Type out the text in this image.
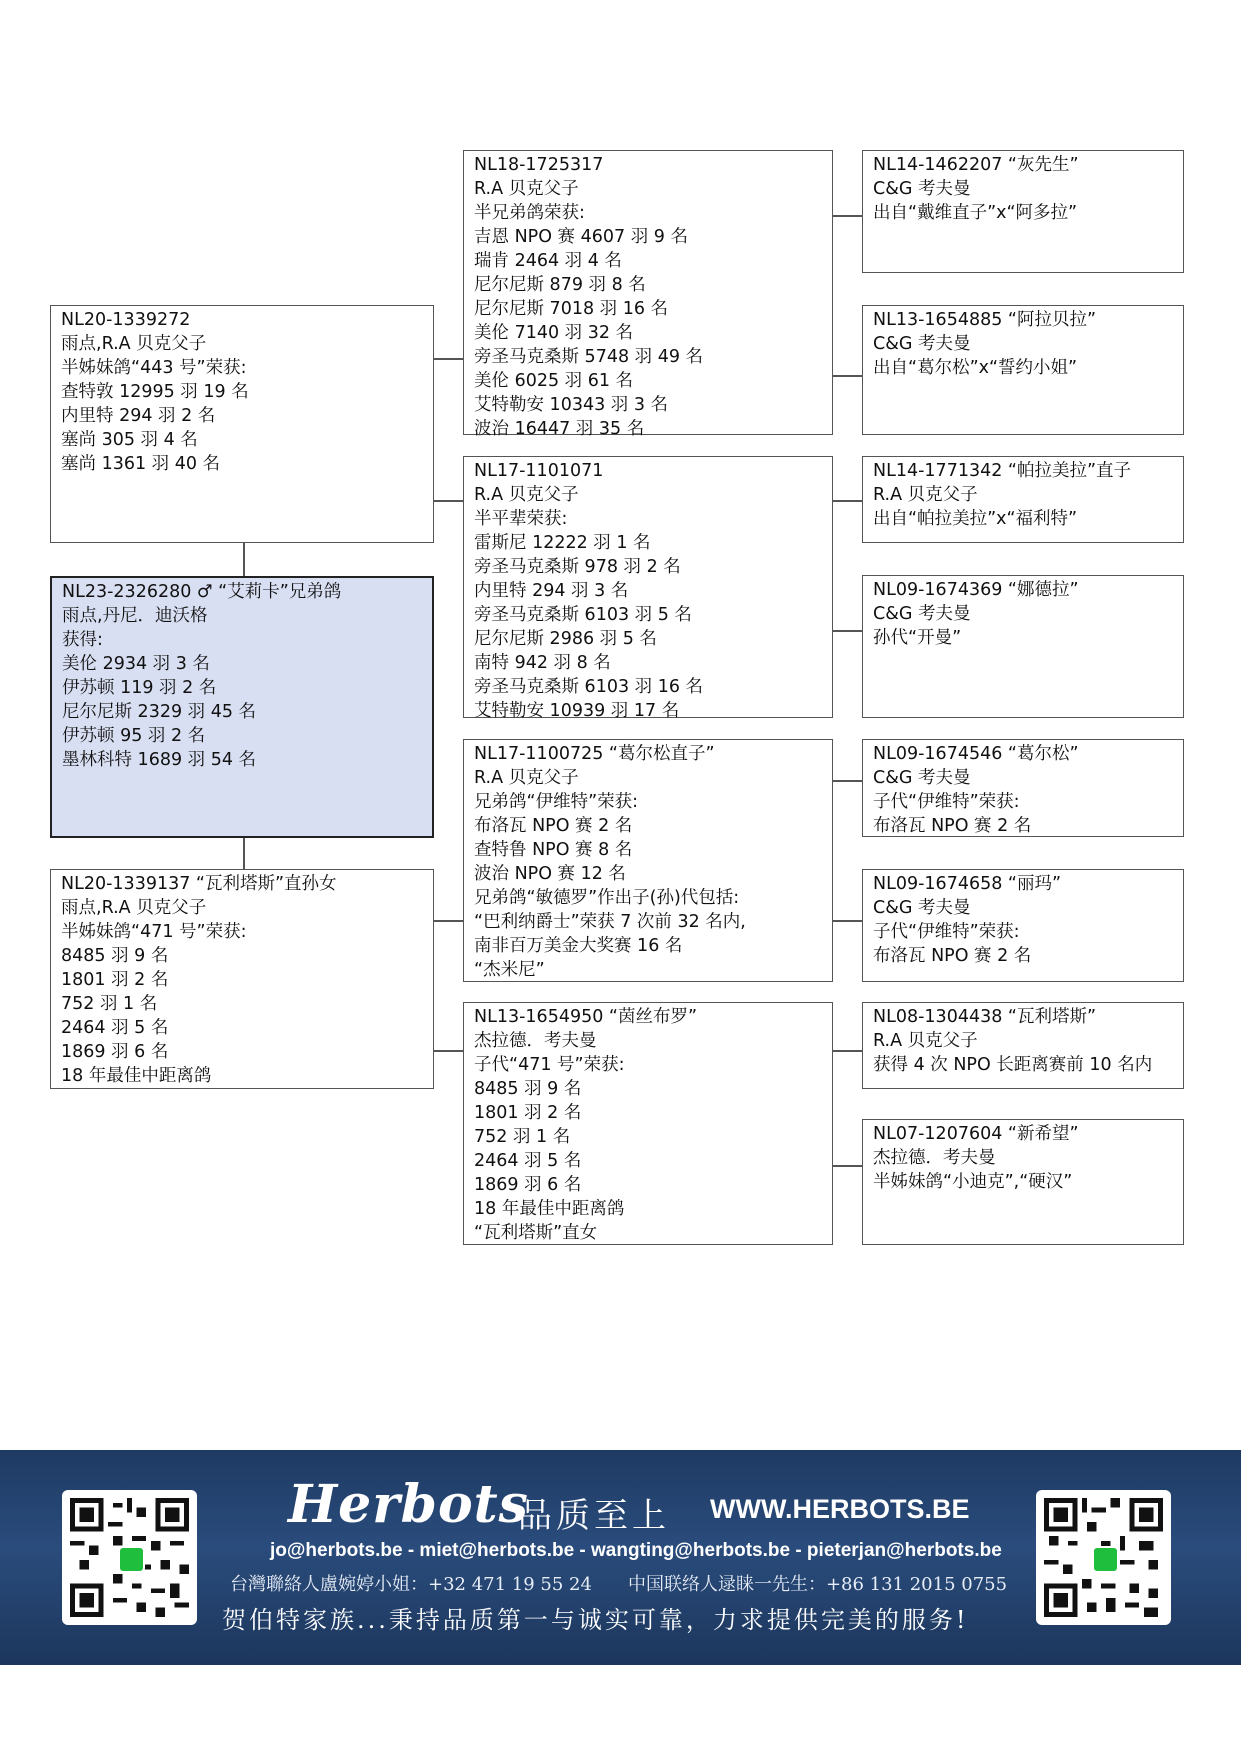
NL20-1339272
雨点,R.A 贝克父子
半姊妹鸽“443 号”荣获:
查特敦 12995 羽 19 名
内里特 294 羽 2 名
塞尚 305 羽 4 名
塞尚 1361 羽 40 名
NL23-2326280 ♂ “艾莉卡”兄弟鸽
雨点,丹尼．迪沃格
获得:
美伦 2934 羽 3 名
伊苏顿 119 羽 2 名
尼尔尼斯 2329 羽 45 名
伊苏顿 95 羽 2 名
墨林科特 1689 羽 54 名
NL20-1339137 “瓦利塔斯”直孙女
雨点,R.A 贝克父子
半姊妹鸽“471 号”荣获:
8485 羽 9 名
1801 羽 2 名
752 羽 1 名
2464 羽 5 名
1869 羽 6 名
18 年最佳中距离鸽
NL18-1725317
R.A 贝克父子
半兄弟鸽荣获:
吉恩 NPO 赛 4607 羽 9 名
瑞肯 2464 羽 4 名
尼尔尼斯 879 羽 8 名
尼尔尼斯 7018 羽 16 名
美伦 7140 羽 32 名
旁圣马克桑斯 5748 羽 49 名
美伦 6025 羽 61 名
艾特勒安 10343 羽 3 名
波治 16447 羽 35 名
NL17-1101071
R.A 贝克父子
半平辈荣获:
雷斯尼 12222 羽 1 名
旁圣马克桑斯 978 羽 2 名
内里特 294 羽 3 名
旁圣马克桑斯 6103 羽 5 名
尼尔尼斯 2986 羽 5 名
南特 942 羽 8 名
旁圣马克桑斯 6103 羽 16 名
艾特勒安 10939 羽 17 名
NL17-1100725 “葛尔松直子”
R.A 贝克父子
兄弟鸽“伊维特”荣获:
布洛瓦 NPO 赛 2 名
查特鲁 NPO 赛 8 名
波治 NPO 赛 12 名
兄弟鸽“敏德罗”作出子(孙)代包括:
“巴利纳爵士”荣获 7 次前 32 名内,
南非百万美金大奖赛 16 名
“杰米尼”
NL13-1654950 “茵丝布罗”
杰拉德．考夫曼
子代“471 号”荣获:
8485 羽 9 名
1801 羽 2 名
752 羽 1 名
2464 羽 5 名
1869 羽 6 名
18 年最佳中距离鸽
“瓦利塔斯”直女
NL14-1462207 “灰先生”
C&G 考夫曼
出自“戴维直子”x“阿多拉”
NL13-1654885 “阿拉贝拉”
C&G 考夫曼
出自“葛尔松”x“誓约小姐”
NL14-1771342 “帕拉美拉”直子
R.A 贝克父子
出自“帕拉美拉”x“福利特”
NL09-1674369 “娜德拉”
C&G 考夫曼
孙代“开曼”
NL09-1674546 “葛尔松”
C&G 考夫曼
子代“伊维特”荣获:
布洛瓦 NPO 赛 2 名
NL09-1674658 “丽玛”
C&G 考夫曼
子代“伊维特”荣获:
布洛瓦 NPO 赛 2 名
NL08-1304438 “瓦利塔斯”
R.A 贝克父子
获得 4 次 NPO 长距离赛前 10 名内
NL07-1207604 “新希望”
杰拉德．考夫曼
半姊妹鸽“小迪克”,“硬汉”
Herbots
品质至上 WWW.HERBOTS.BE
jo@herbots.be - miet@herbots.be - wangting@herbots.be - pieterjan@herbots.be
台灣聯絡人盧婉婷小姐：+32 471 19 55 24　　中国联络人逯睐一先生：+86 131 2015 0755
贺伯特家族...秉持品质第一与诚实可靠，力求提供完美的服务!
